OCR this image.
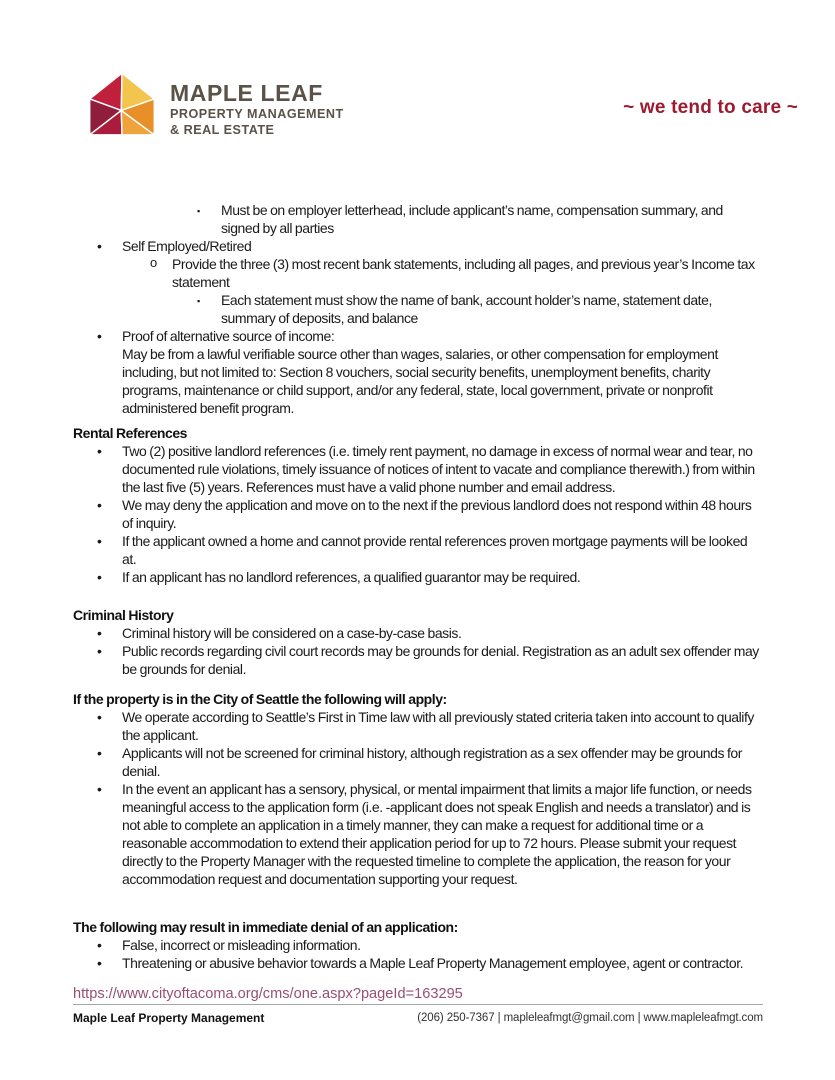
MAPLE LEAF
PROPERTY MANAGEMENT
& REAL ESTATE
~ we tend to care ~
▪ Must be on employer letterhead, include applicant’s name, compensation summary, and signed by all parties
• Self Employed/Retired
o Provide the three (3) most recent bank statements, including all pages, and previous year’s Income tax statement
▪ Each statement must show the name of bank, account holder’s name, statement date, summary of deposits, and balance
• Proof of alternative source of income:
May be from a lawful verifiable source other than wages, salaries, or other compensation for employment including, but not limited to: Section 8 vouchers, social security benefits, unemployment benefits, charity programs, maintenance or child support, and/or any federal, state, local government, private or nonprofit administered benefit program.
Rental References
• Two (2) positive landlord references (i.e. timely rent payment, no damage in excess of normal wear and tear, no documented rule violations, timely issuance of notices of intent to vacate and compliance therewith.) from within the last five (5) years. References must have a valid phone number and email address.
• We may deny the application and move on to the next if the previous landlord does not respond within 48 hours of inquiry.
• If the applicant owned a home and cannot provide rental references proven mortgage payments will be looked at.
• If an applicant has no landlord references, a qualified guarantor may be required.
Criminal History
• Criminal history will be considered on a case-by-case basis.
• Public records regarding civil court records may be grounds for denial. Registration as an adult sex offender may be grounds for denial.
If the property is in the City of Seattle the following will apply:
• We operate according to Seattle’s First in Time law with all previously stated criteria taken into account to qualify the applicant.
• Applicants will not be screened for criminal history, although registration as a sex offender may be grounds for denial.
• In the event an applicant has a sensory, physical, or mental impairment that limits a major life function, or needs meaningful access to the application form (i.e. -applicant does not speak English and needs a translator) and is not able to complete an application in a timely manner, they can make a request for additional time or a reasonable accommodation to extend their application period for up to 72 hours. Please submit your request directly to the Property Manager with the requested timeline to complete the application, the reason for your accommodation request and documentation supporting your request.
The following may result in immediate denial of an application:
• False, incorrect or misleading information.
• Threatening or abusive behavior towards a Maple Leaf Property Management employee, agent or contractor.
https://www.cityoftacoma.org/cms/one.aspx?pageId=163295
Maple Leaf Property Management	(206) 250-7367 | mapleleafmgt@gmail.com | www.mapleleafmgt.com
